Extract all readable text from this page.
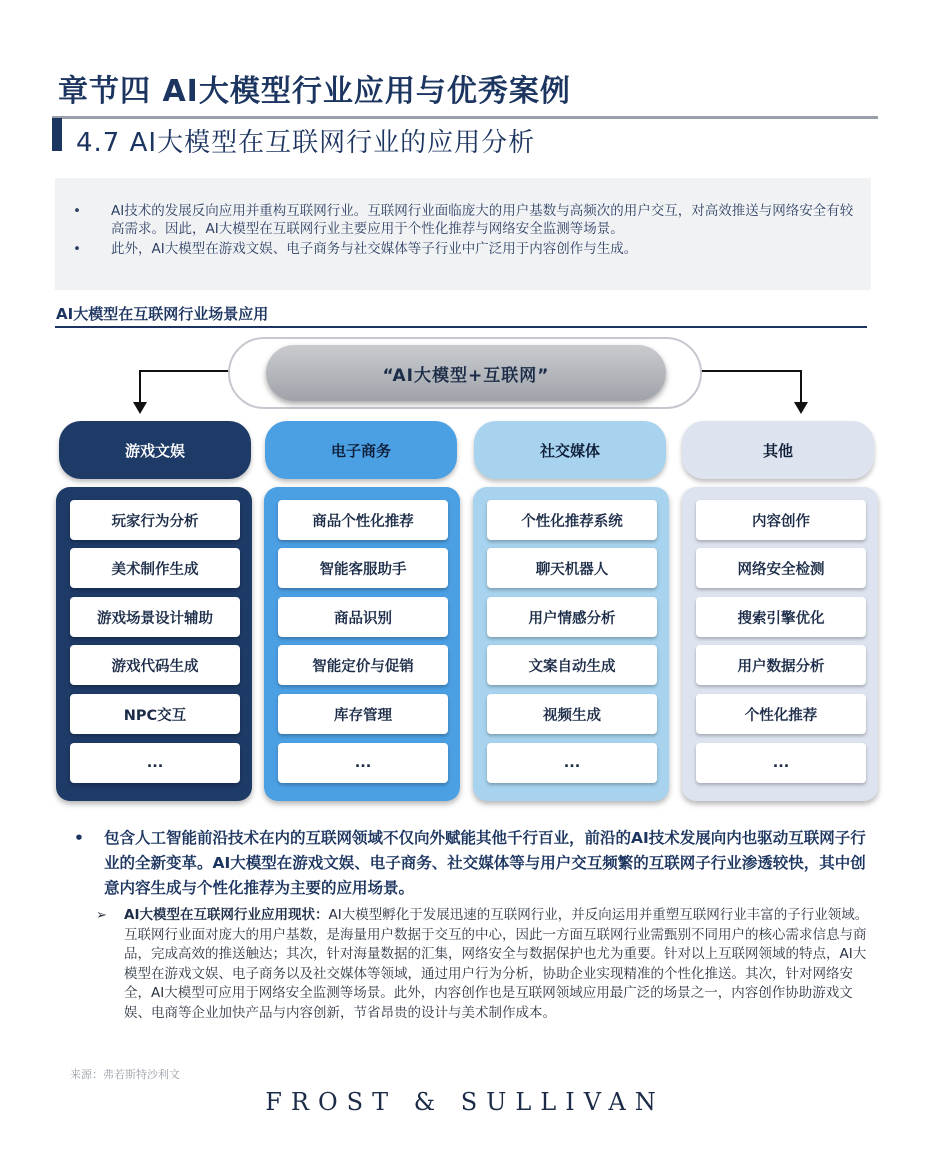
章节四 AI大模型行业应用与优秀案例
4.7 AI大模型在互联网行业的应用分析
• AI技术的发展反向应用并重构互联网行业。互联网行业面临庞大的用户基数与高频次的用户交互，对高效推送与网络安全有较高需求。因此，AI大模型在互联网行业主要应用于个性化推荐与网络安全监测等场景。
• 此外，AI大模型在游戏文娱、电子商务与社交媒体等子行业中广泛用于内容创作与生成。
AI大模型在互联网行业场景应用
“AI大模型+互联网”
游戏文娱
玩家行为分析
美术制作生成
游戏场景设计辅助
游戏代码生成
NPC交互
...
电子商务
商品个性化推荐
智能客服助手
商品识别
智能定价与促销
库存管理
...
社交媒体
个性化推荐系统
聊天机器人
用户情感分析
文案自动生成
视频生成
...
其他
内容创作
网络安全检测
搜索引擎优化
用户数据分析
个性化推荐
...
• 包含人工智能前沿技术在内的互联网领域不仅向外赋能其他千行百业，前沿的AI技术发展向内也驱动互联网子行业的全新变革。AI大模型在游戏文娱、电子商务、社交媒体等与用户交互频繁的互联网子行业渗透较快，其中创意内容生成与个性化推荐为主要的应用场景。
➢ AI大模型在互联网行业应用现状：AI大模型孵化于发展迅速的互联网行业，并反向运用并重塑互联网行业丰富的子行业领域。互联网行业面对庞大的用户基数，是海量用户数据于交互的中心，因此一方面互联网行业需甄别不同用户的核心需求信息与商品，完成高效的推送触达；其次，针对海量数据的汇集，网络安全与数据保护也尤为重要。针对以上互联网领域的特点，AI大模型在游戏文娱、电子商务以及社交媒体等领域，通过用户行为分析，协助企业实现精准的个性化推送。其次，针对网络安全，AI大模型可应用于网络安全监测等场景。此外，内容创作也是互联网领域应用最广泛的场景之一，内容创作协助游戏文娱、电商等企业加快产品与内容创新，节省昂贵的设计与美术制作成本。
来源：弗若斯特沙利文
FROST & SULLIVAN
